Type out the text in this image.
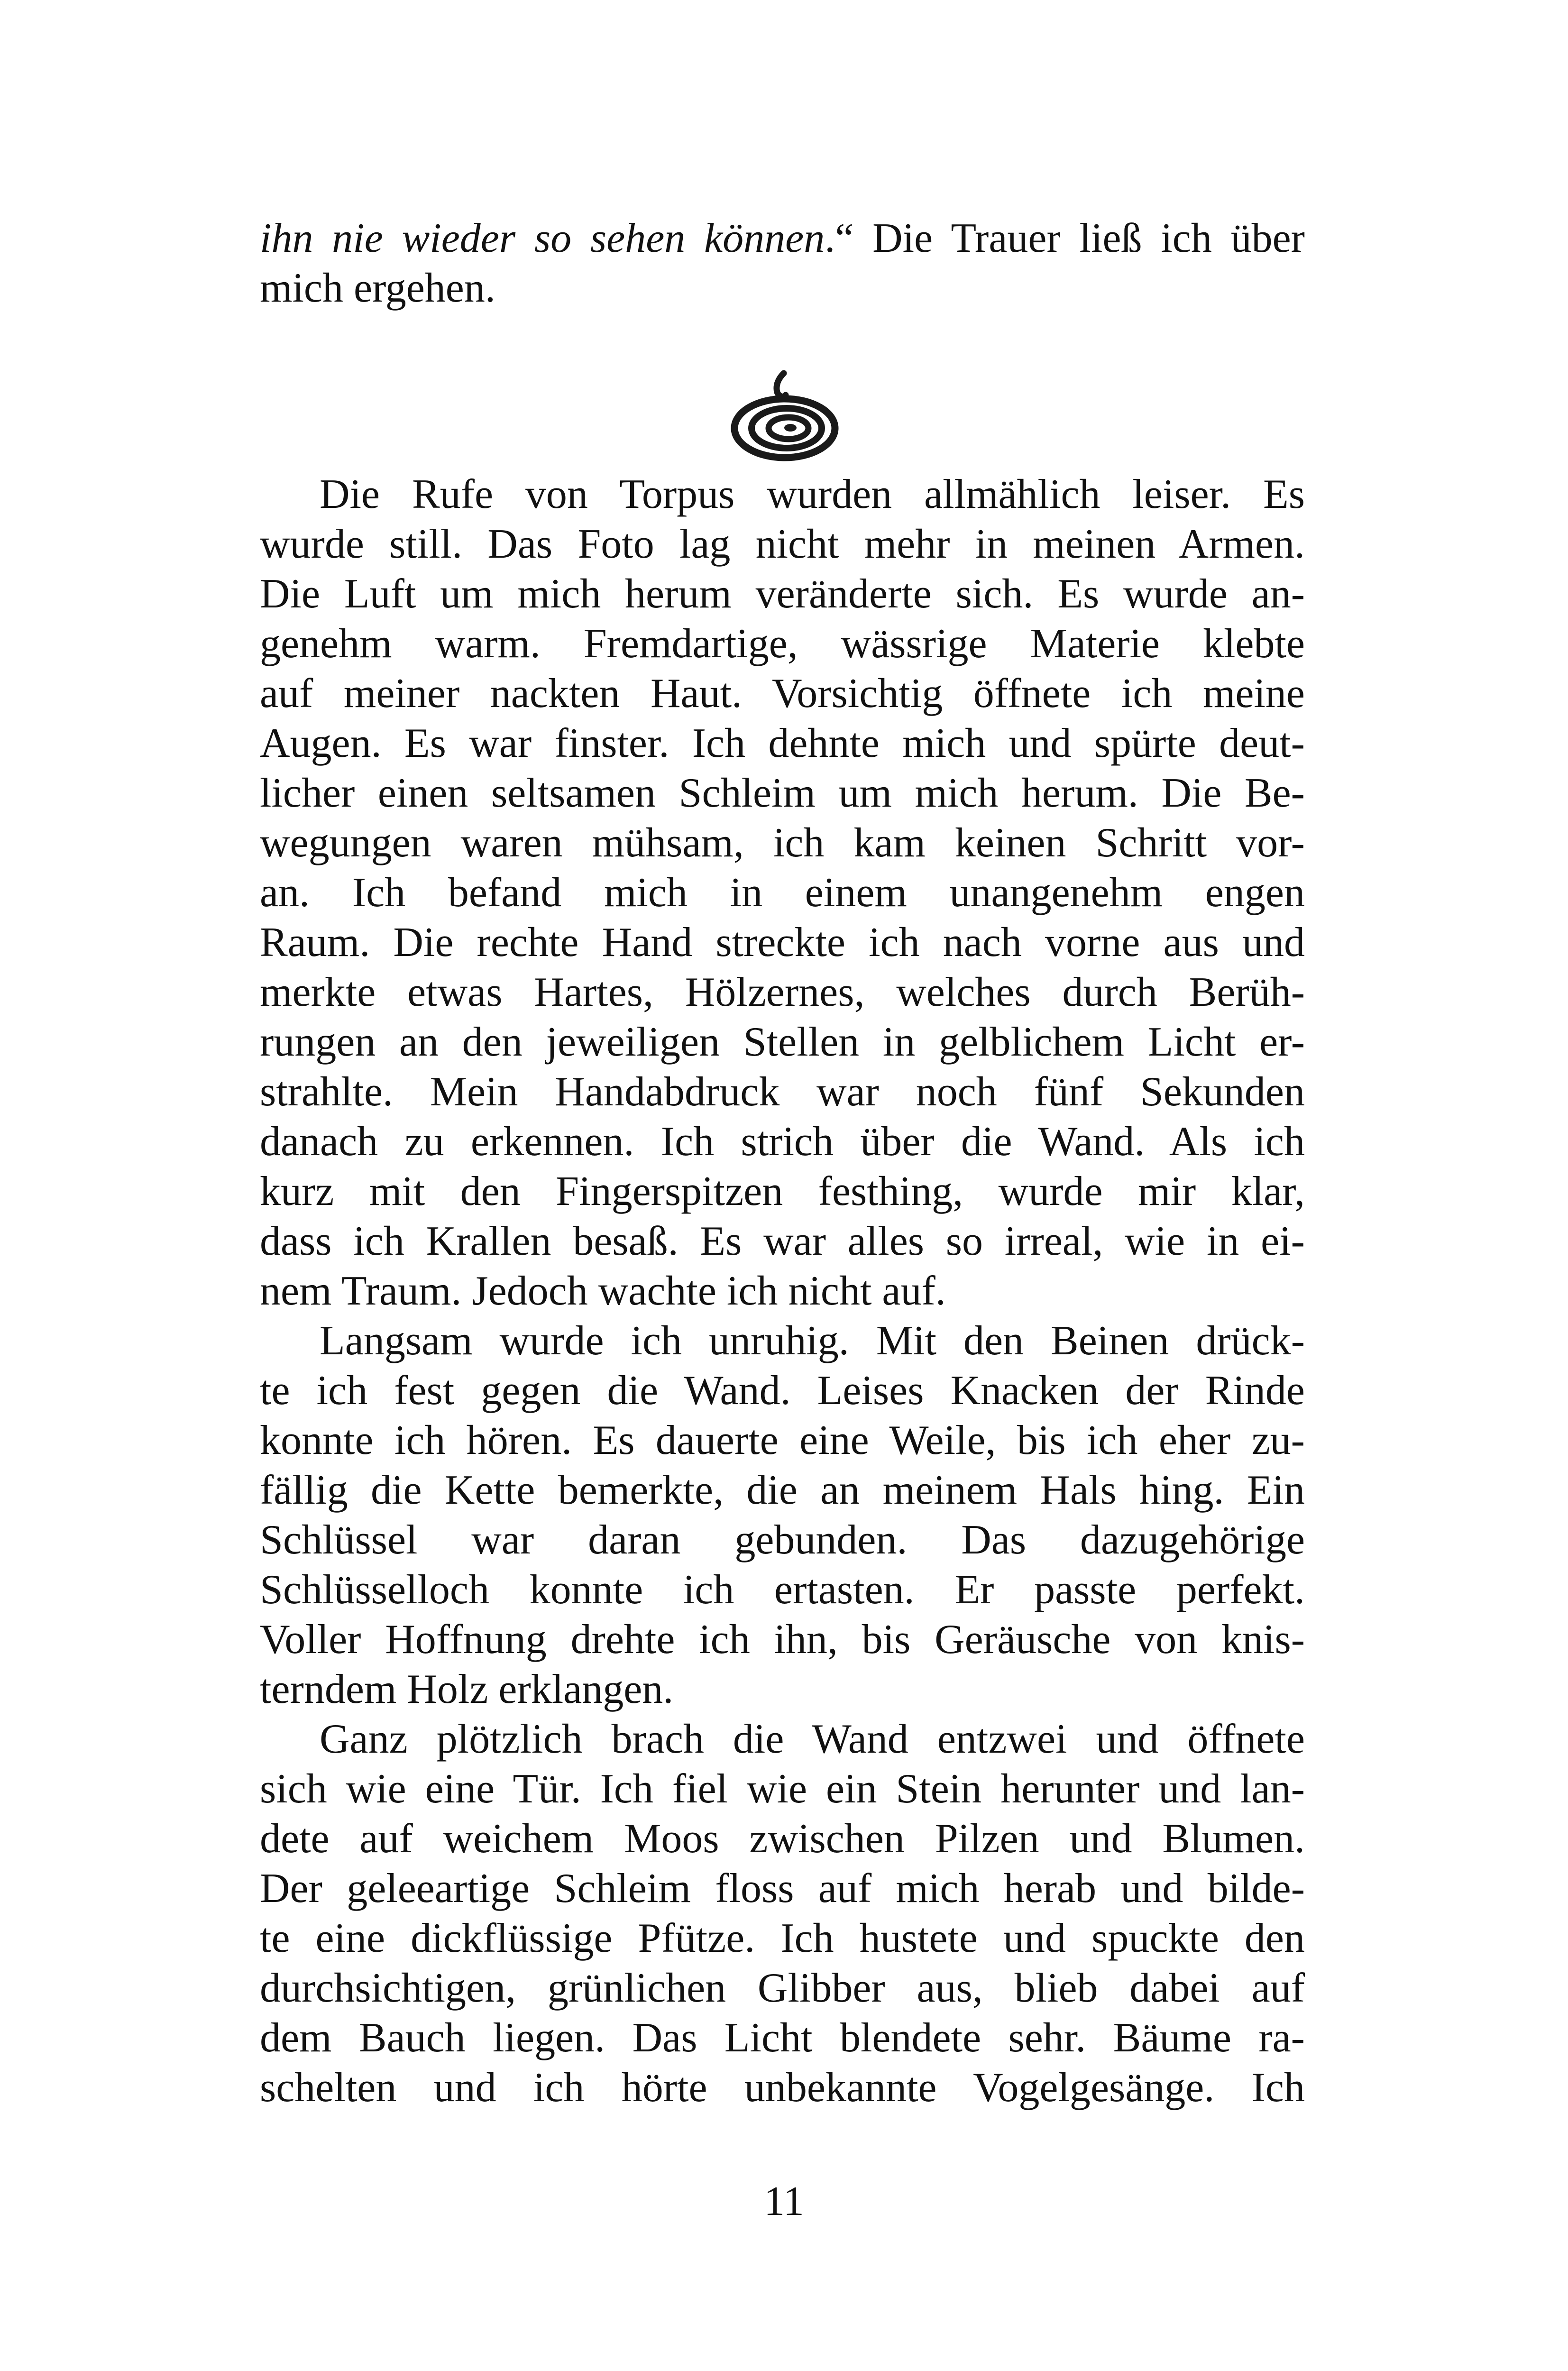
ihn nie wieder so sehen können.“ Die Trauer ließ ich über
mich ergehen.
Die Rufe von Torpus wurden allmählich leiser. Es
wurde still. Das Foto lag nicht mehr in meinen Armen.
Die Luft um mich herum veränderte sich. Es wurde an-
genehm warm. Fremdartige, wässrige Materie klebte
auf meiner nackten Haut. Vorsichtig öffnete ich meine
Augen. Es war finster. Ich dehnte mich und spürte deut-
licher einen seltsamen Schleim um mich herum. Die Be-
wegungen waren mühsam, ich kam keinen Schritt vor-
an. Ich befand mich in einem unangenehm engen
Raum. Die rechte Hand streckte ich nach vorne aus und
merkte etwas Hartes, Hölzernes, welches durch Berüh-
rungen an den jeweiligen Stellen in gelblichem Licht er-
strahlte. Mein Handabdruck war noch fünf Sekunden
danach zu erkennen. Ich strich über die Wand. Als ich
kurz mit den Fingerspitzen festhing, wurde mir klar,
dass ich Krallen besaß. Es war alles so irreal, wie in ei-
nem Traum. Jedoch wachte ich nicht auf.
Langsam wurde ich unruhig. Mit den Beinen drück-
te ich fest gegen die Wand. Leises Knacken der Rinde
konnte ich hören. Es dauerte eine Weile, bis ich eher zu-
fällig die Kette bemerkte, die an meinem Hals hing. Ein
Schlüssel war daran gebunden. Das dazugehörige
Schlüsselloch konnte ich ertasten. Er passte perfekt.
Voller Hoffnung drehte ich ihn, bis Geräusche von knis-
terndem Holz erklangen.
Ganz plötzlich brach die Wand entzwei und öffnete
sich wie eine Tür. Ich fiel wie ein Stein herunter und lan-
dete auf weichem Moos zwischen Pilzen und Blumen.
Der geleeartige Schleim floss auf mich herab und bilde-
te eine dickflüssige Pfütze. Ich hustete und spuckte den
durchsichtigen, grünlichen Glibber aus, blieb dabei auf
dem Bauch liegen. Das Licht blendete sehr. Bäume ra-
schelten und ich hörte unbekannte Vogelgesänge. Ich
11
